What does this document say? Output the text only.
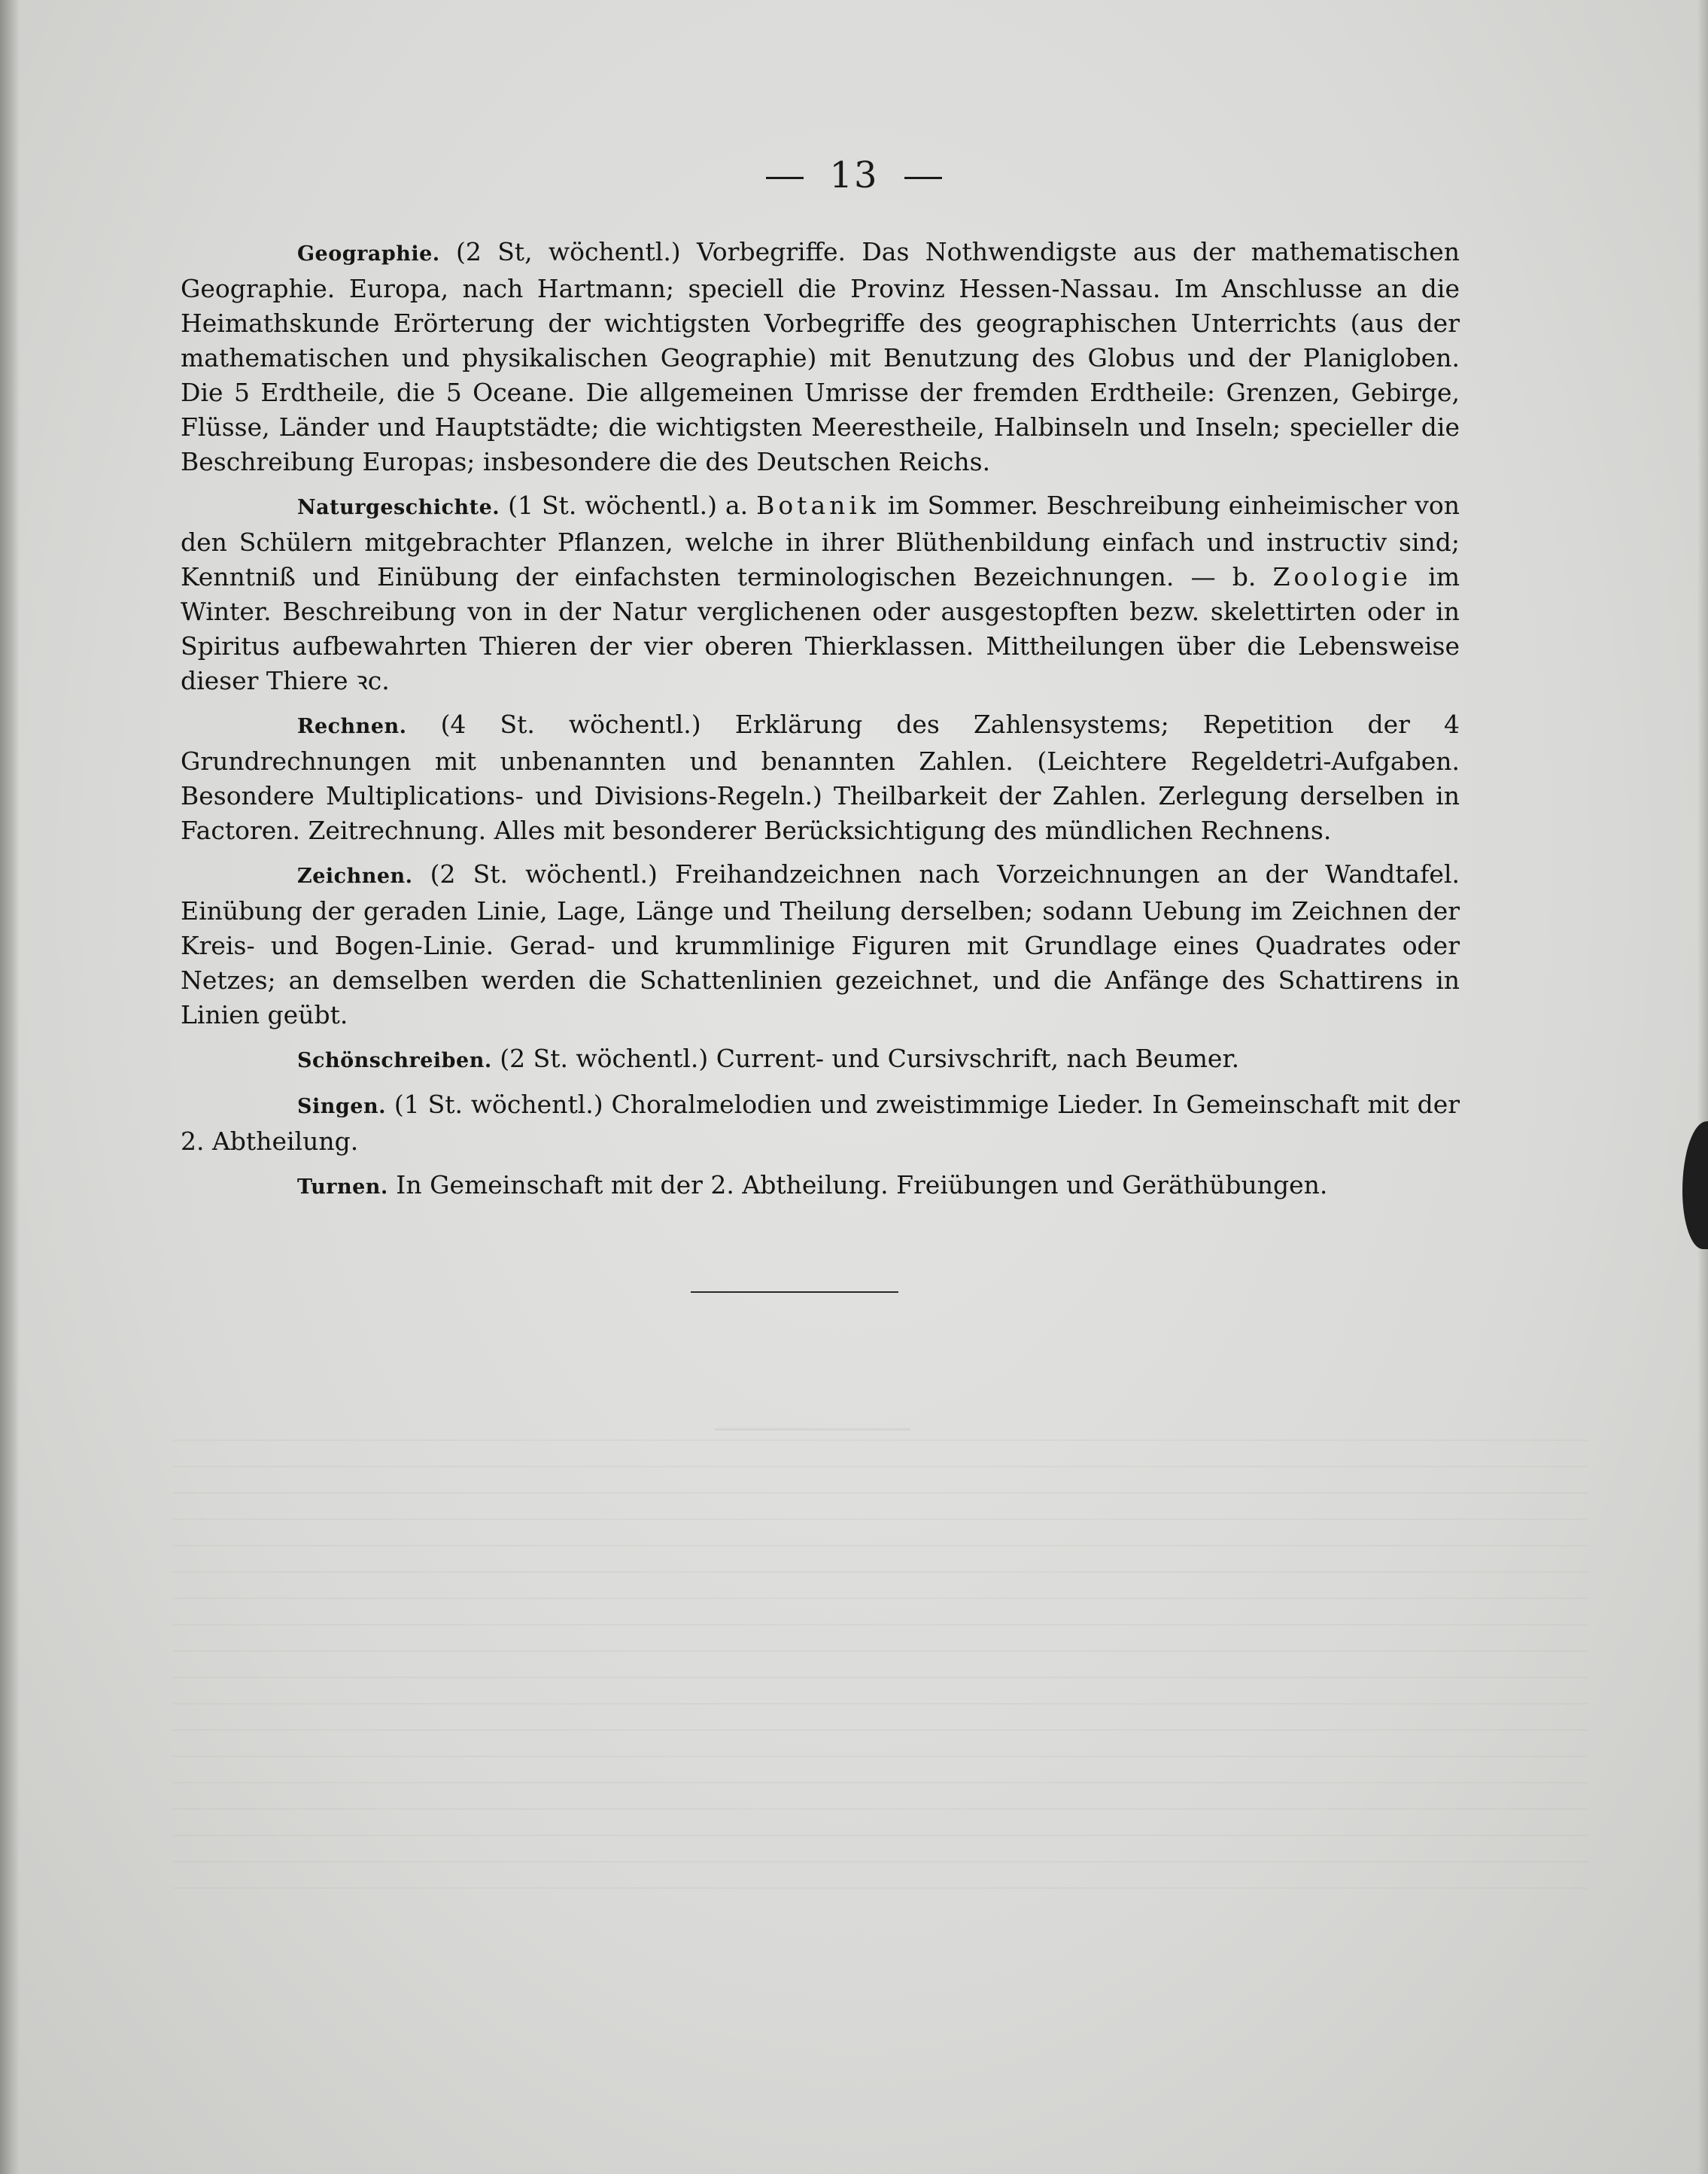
13

Geographie. (2 St, wöchentl.) Vorbegriffe. Das Nothwendigste aus der mathematischen Geographie. Europa, nach Hartmann; speciell die Provinz Hessen-Nassau. Im Anschlusse an die Heimathskunde Erörterung der wichtigsten Vorbegriffe des geographischen Unterrichts (aus der mathematischen und physikalischen Geographie) mit Benutzung des Globus und der Planigloben. Die 5 Erdtheile, die 5 Oceane. Die allgemeinen Umrisse der fremden Erdtheile: Grenzen, Gebirge, Flüsse, Länder und Hauptstädte; die wichtigsten Meerestheile, Halbinseln und Inseln; specieller die Beschreibung Europas; insbesondere die des Deutschen Reichs.

Naturgeschichte. (1 St. wöchentl.) a. Botanik im Sommer. Beschreibung einheimischer von den Schülern mitgebrachter Pflanzen, welche in ihrer Blüthenbildung einfach und instructiv sind; Kenntniß und Einübung der einfachsten terminologischen Bezeichnungen. — b. Zoologie im Winter. Beschreibung von in der Natur verglichenen oder ausgestopften bezw. skelettirten oder in Spiritus aufbewahrten Thieren der vier oberen Thierklassen. Mittheilungen über die Lebensweise dieser Thiere ꝛc.

Rechnen. (4 St. wöchentl.) Erklärung des Zahlensystems; Repetition der 4 Grundrechnungen mit unbenannten und benannten Zahlen. (Leichtere Regeldetri-Aufgaben. Besondere Multiplications- und Divisions-Regeln.) Theilbarkeit der Zahlen. Zerlegung derselben in Factoren. Zeitrechnung. Alles mit besonderer Berücksichtigung des mündlichen Rechnens.

Zeichnen. (2 St. wöchentl.) Freihandzeichnen nach Vorzeichnungen an der Wandtafel. Einübung der geraden Linie, Lage, Länge und Theilung derselben; sodann Uebung im Zeichnen der Kreis- und Bogen-Linie. Gerad- und krummlinige Figuren mit Grundlage eines Quadrates oder Netzes; an demselben werden die Schattenlinien gezeichnet, und die Anfänge des Schattirens in Linien geübt.

Schönschreiben. (2 St. wöchentl.) Current- und Cursivschrift, nach Beumer.

Singen. (1 St. wöchentl.) Choralmelodien und zweistimmige Lieder. In Gemeinschaft mit der 2. Abtheilung.

Turnen. In Gemeinschaft mit der 2. Abtheilung. Freiübungen und Geräthübungen.
